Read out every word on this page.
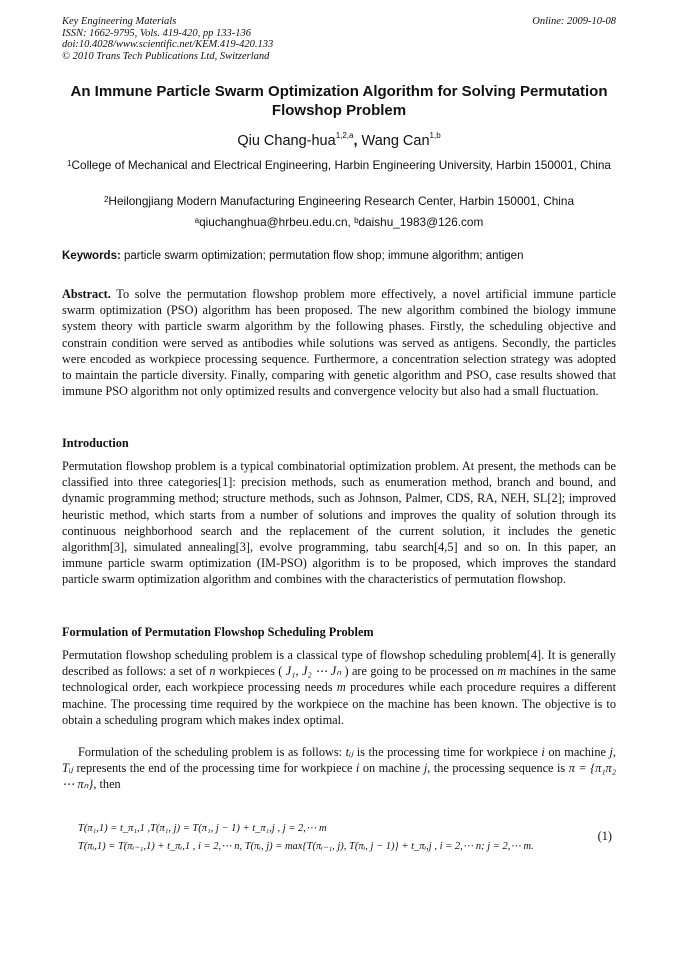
Key Engineering Materials
ISSN: 1662-9795, Vols. 419-420, pp 133-136
doi:10.4028/www.scientific.net/KEM.419-420.133
© 2010 Trans Tech Publications Ltd, Switzerland
Online: 2009-10-08
An Immune Particle Swarm Optimization Algorithm for Solving Permutation Flowshop Problem
Qiu Chang-hua$^{1,2,a}$, Wang Can$^{1,b}$
$^1$College of Mechanical and Electrical Engineering, Harbin Engineering University, Harbin 150001, China
$^2$Heilongjiang Modern Manufacturing Engineering Research Center, Harbin 150001, China
$^a$qiuchanghua@hrbeu.edu.cn, $^b$daishu_1983@126.com
Keywords: particle swarm optimization; permutation flow shop; immune algorithm; antigen
Abstract. To solve the permutation flowshop problem more effectively, a novel artificial immune particle swarm optimization (PSO) algorithm has been proposed. The new algorithm combined the biology immune system theory with particle swarm algorithm by the following phases. Firstly, the scheduling objective and constrain condition were served as antibodies while solutions was served as antigens. Secondly, the particles were encoded as workpiece processing sequence. Furthermore, a concentration selection strategy was adopted to maintain the particle diversity. Finally, comparing with genetic algorithm and PSO, case results showed that immune PSO algorithm not only optimized results and convergence velocity but also had a small fluctuation.
Introduction
Permutation flowshop problem is a typical combinatorial optimization problem. At present, the methods can be classified into three categories[1]: precision methods, such as enumeration method, branch and bound, and dynamic programming method; structure methods, such as Johnson, Palmer, CDS, RA, NEH, SL[2]; improved heuristic method, which starts from a number of solutions and improves the quality of solution through its continuous neighborhood search and the replacement of the current solution, it includes the genetic algorithm[3], simulated annealing[3], evolve programming, tabu search[4,5] and so on. In this paper, an immune particle swarm optimization (IM-PSO) algorithm is to be proposed, which improves the standard particle swarm optimization algorithm and combines with the characteristics of permutation flowshop.
Formulation of Permutation Flowshop Scheduling Problem
Permutation flowshop scheduling problem is a classical type of flowshop scheduling problem[4]. It is generally described as follows: a set of n workpieces ( J₁, J₂ ⋯ Jₙ ) are going to be processed on m machines in the same technological order, each workpiece processing needs m procedures while each procedure requires a different machine. The processing time required by the workpiece on the machine has been known. The objective is to obtain a scheduling program which makes index optimal.
Formulation of the scheduling problem is as follows: tᵢⱼ is the processing time for workpiece i on machine j, Tᵢⱼ represents the end of the processing time for workpiece i on machine j, the processing sequence is π = {π₁π₂ ⋯ πₙ}, then
T(π₁,1) = t_π₁,1 ,T(π₁, j) = T(π₁, j − 1) + t_π₁,j , j = 2,⋯ m
T(πᵢ,1) = T(πᵢ₋₁,1) + t_πᵢ,1 , i = 2,⋯ n, T(πᵢ, j) = max{T(πᵢ₋₁, j), T(πᵢ, j − 1)} + t_πᵢ,j , i = 2,⋯ n; j = 2,⋯ m.
(1)
